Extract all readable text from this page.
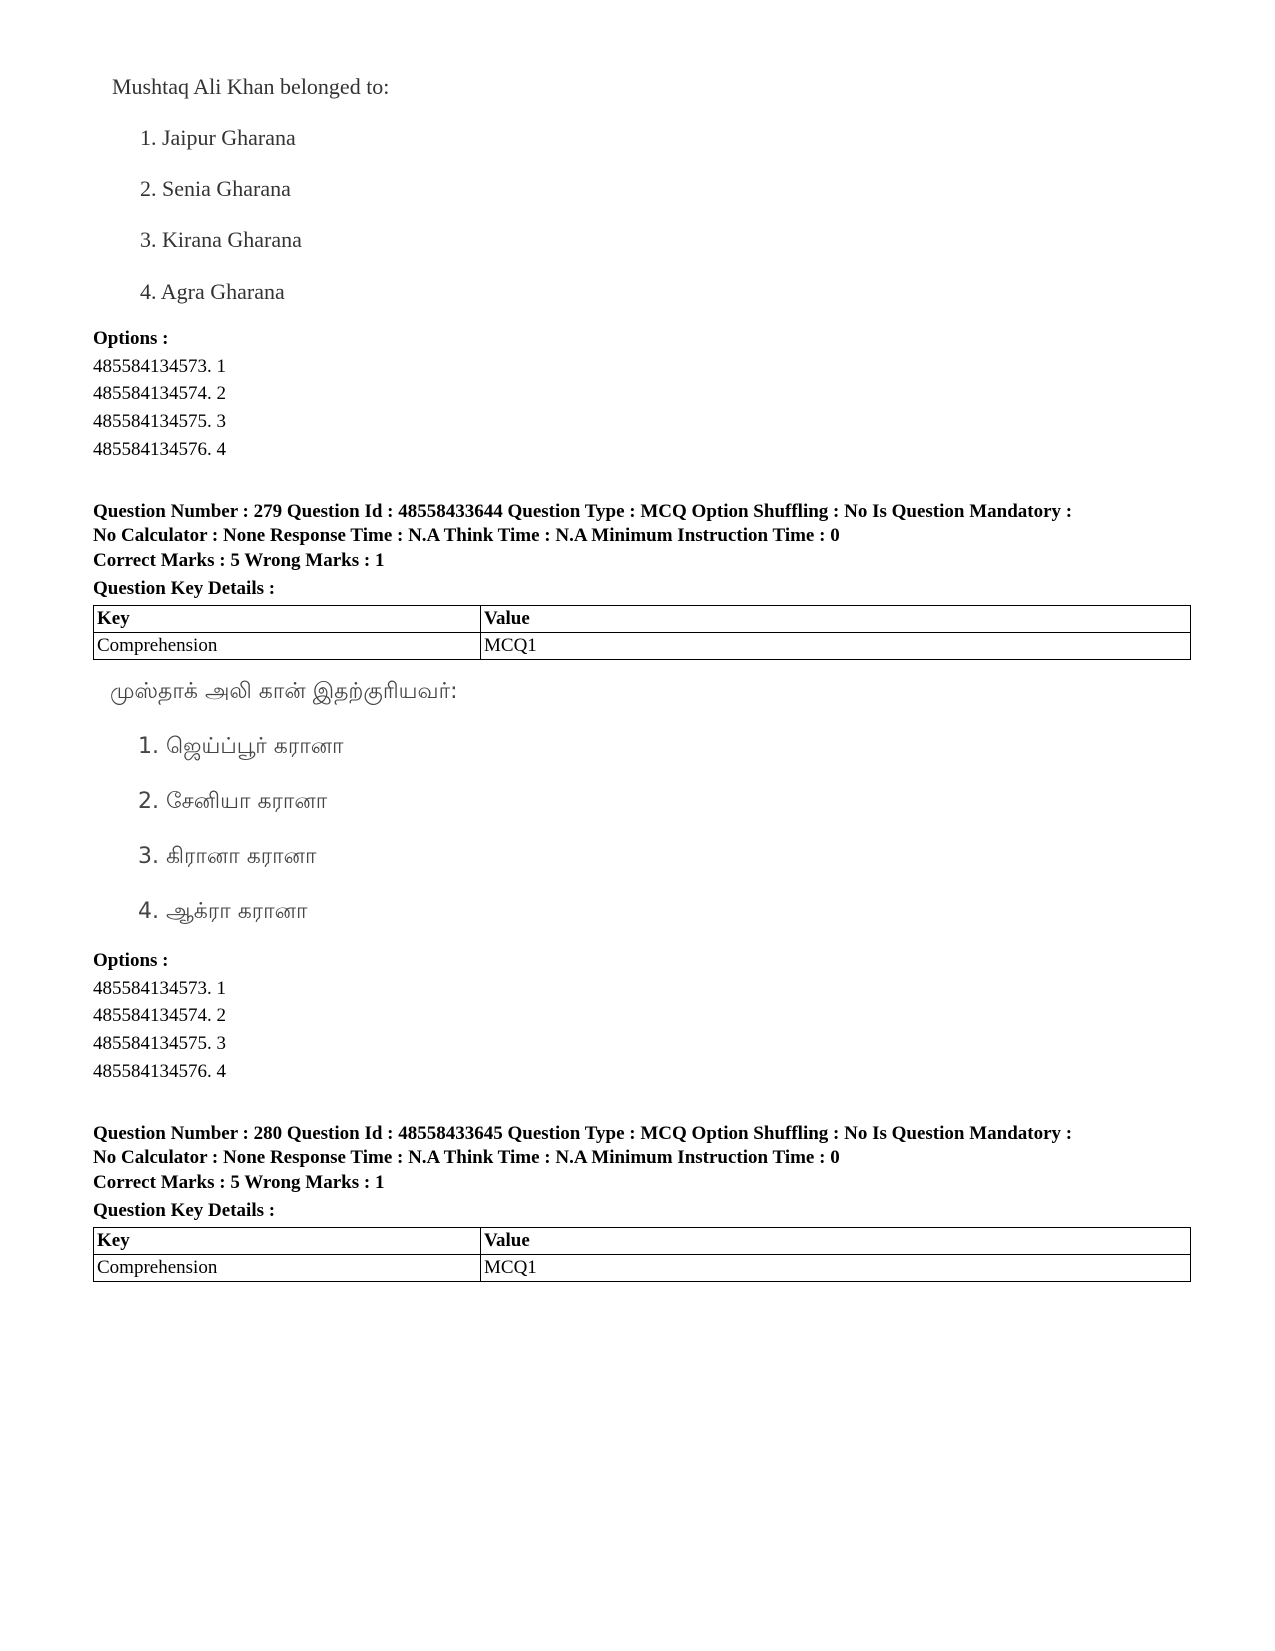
Mushtaq Ali Khan belonged to:
1. Jaipur Gharana
2. Senia Gharana
3. Kirana Gharana
4. Agra Gharana
Options :
485584134573. 1
485584134574. 2
485584134575. 3
485584134576. 4
Question Number : 279 Question Id : 48558433644 Question Type : MCQ Option Shuffling : No Is Question Mandatory :
No Calculator : None Response Time : N.A Think Time : N.A Minimum Instruction Time : 0
Correct Marks : 5 Wrong Marks : 1
Question Key Details :
Key	Value
Comprehension	MCQ1
முஸ்தாக் அலி கான் இதற்குரியவர்:
1. ஜெய்ப்பூர் கரானா
2. சேனியா கரானா
3. கிரானா கரானா
4. ஆக்ரா கரானா
Options :
485584134573. 1
485584134574. 2
485584134575. 3
485584134576. 4
Question Number : 280 Question Id : 48558433645 Question Type : MCQ Option Shuffling : No Is Question Mandatory :
No Calculator : None Response Time : N.A Think Time : N.A Minimum Instruction Time : 0
Correct Marks : 5 Wrong Marks : 1
Question Key Details :
Key	Value
Comprehension	MCQ1
